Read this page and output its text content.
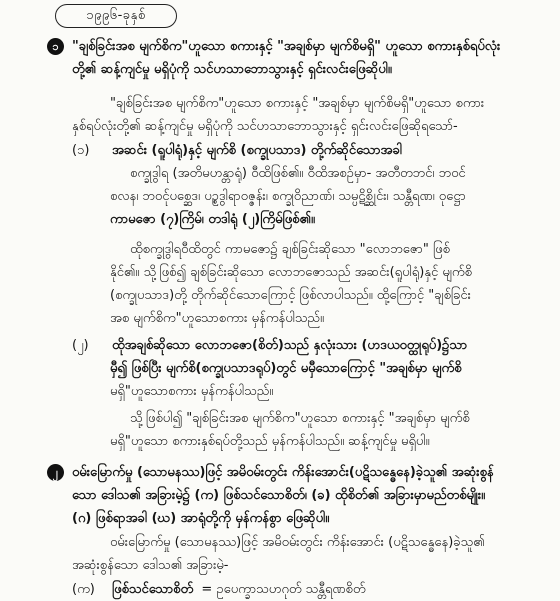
၁၉၉၆-ခုနှစ်
၁	"ချစ်ခြင်းအစ မျက်စိက"ဟူသော စကားနှင့် "အချစ်မှာ မျက်စိမရှိ" ဟူသော စကားနှစ်ရပ်လုံး

တို့၏ ဆန့်ကျင်မှု မရှိပုံကို သင်ဟသာဘောသွားနှင့် ရှင်းလင်းဖြေဆိုပါ။

"ချစ်ခြင်းအစ မျက်စိက"ဟူသော စကားနှင့် "အချစ်မှာ မျက်စိမရှိ"ဟူသော စကား

နှစ်ရပ်လုံးတို့၏ ဆန့်ကျင်မှု မရှိပုံကို သင်ဟသာဘောသွားနှင့် ရှင်းလင်းဖြေဆိုရသော်-

(၁) အဆင်း (ရူပါရုံ)နှင့် မျက်စိ (စက္ခုပသာဒ) တို့က်ဆိုင်သောအခါ

စက္ခုဒွါရ (အတိမဟန္တာရုံ) ဝီထိဖြစ်၏။ ဝီထိအစဉ်မှာ- အတီတဘင်၊ ဘဝင်

စလန၊ ဘဝင်ုပစ္ဆေဒ၊ ပဥ္စဒွါရာဝဇ္ဇန်း၊ စက္ခုဝိညာဏ်၊ သမ္ပဋိစ္ဆိုင်း၊ သန္တီရဏ၊ ဝုဋ္ဌော

ကာမဇော (၇)ကြိမ်၊ တဒါရုံ (၂)ကြိမ်ဖြစ်၏။

ထိုစက္ခုဒွါရဝီထိတွင် ကာမဇော၌ ချစ်ခြင်းဆိုသော "လောဘဇော" ဖြစ်

နိုင်၏။ သို့ဖြစ်၍ ချစ်ခြင်းဆိုသော လောဘဇောသည် အဆင်း(ရူပါရုံ)နှင့် မျက်စိ

(စက္ခုပသာဒ)တို့ တိုက်ဆိုင်သောကြောင့် ဖြစ်လာပါသည်။ ထို့ကြောင့် "ချစ်ခြင်း

အစ မျက်စိက"ဟူသောစကား မှန်ကန်ပါသည်။

(၂) ထိုအချစ်ဆိုသော လောဘဇော(စိတ်)သည် နှလုံးသား (ဟဒယဝတ္ထုရုပ်)၌သာ

မှီ၍ ဖြစ်ပြီး မျက်စိ(စက္ခုပသာဒရုပ်)တွင် မမှီသောကြောင့် "အချစ်မှာ မျက်စိ

မရှိ"ဟူသောစကား မှန်ကန်ပါသည်။

သို့ဖြစ်ပါ၍ "ချစ်ခြင်းအစ မျက်စိက"ဟူသော စကားနှင့် "အချစ်မှာ မျက်စိ

မရှိ"ဟူသော စကားနှစ်ရပ်တို့သည် မှန်ကန်ပါသည်။ ဆန့်ကျင်မှု မရှိပါ။

၂	ဝမ်းမြောက်မှု (သောမနဿ)ဖြင့် အမိဝမ်းတွင်း ကိန်းအောင်း(ပဋိသန္ဓေနေ)ခဲ့သူ၏ အဆုံးစွန်

သော ဒေါသ၏ အခြားမဲ့၌ (က) ဖြစ်သင်သောစိတ်၊ (ခ) ထိုစိတ်၏ အခြားမှာမည်တစ်မျိုး။

(ဂ) ဖြစ်ရာအခါ (ဃ) အာရုံတို့ကို မှန်ကန်စွာ ဖြေဆိုပါ။

ဝမ်းမြောက်မှု (သောမနဿ)ဖြင့် အမိဝမ်းတွင်း ကိန်းအောင်း (ပဋိသန္ဓေနေ)ခဲ့သူ၏

အဆုံးစွန်သော ဒေါသ၏ အခြားမဲ့-

(က) ဖြစ်သင်သောစိတ် = ဥပေက္ခာသဟဂုတ် သန္တီရဏစိတ်
